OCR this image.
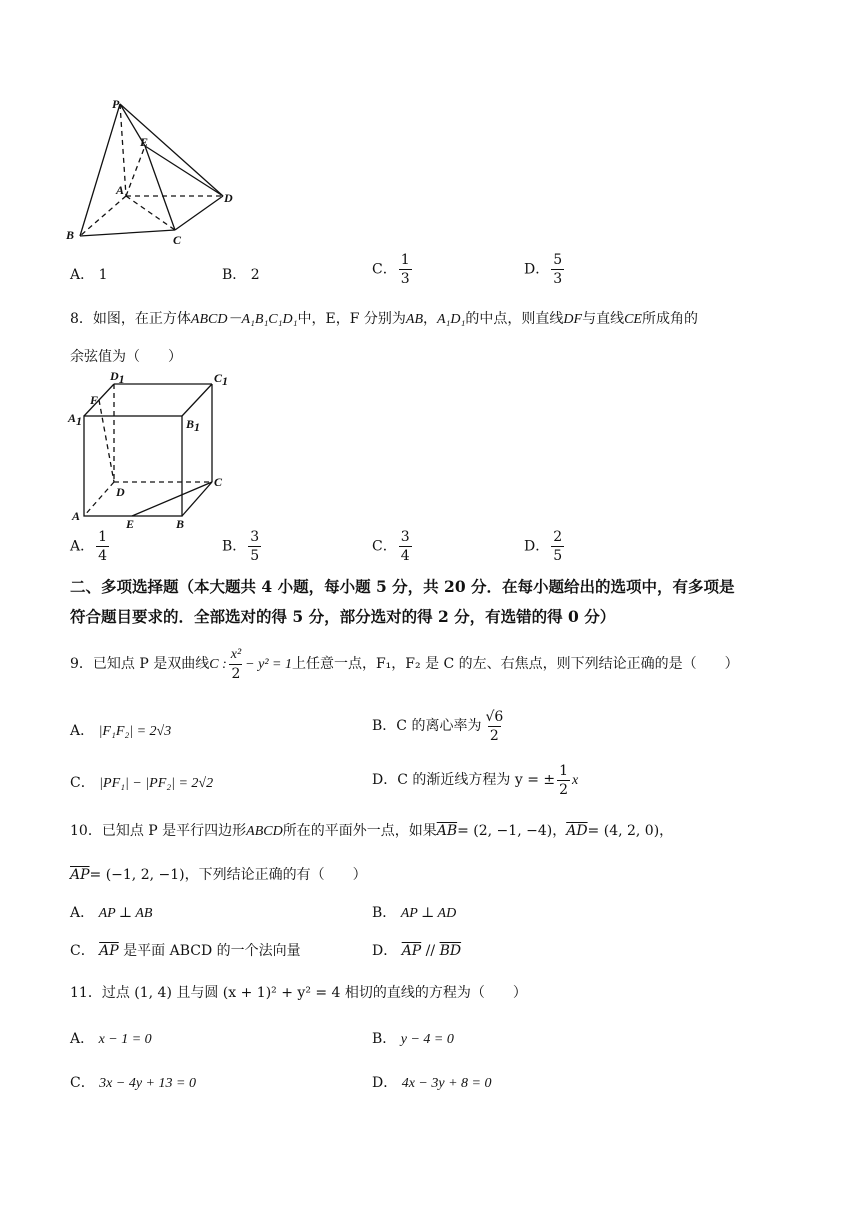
P
E
A
D
B	C
A． 1	B． 2	C． $\frac{1}{3}$	D． $\frac{5}{3}$
8．如图，在正方体ABCD－A₁B₁C₁D₁中，E，F 分别为AB，A₁D₁的中点，则直线DF与直线CE所成角的
余弦值为（　　）
D1	C1
F
A1	B1
D
C
A
E	B
A． $\frac{1}{4}$	B． $\frac{3}{5}$	C． $\frac{3}{4}$	D． $\frac{2}{5}$
二、多项选择题（本大题共 4 小题，每小题 5 分，共 20 分．在每小题给出的选项中，有多项是
符合题目要求的．全部选对的得 5 分，部分选对的得 2 分，有选错的得 0 分）
9．已知点 P 是双曲线C : $\frac{\text{x²}}{2} - y^2 = 1$上任意一点，F₁，F₂ 是 C 的左、右焦点，则下列结论正确的是（　　）
A． |F₁F₂| = 2√3	B．C 的离心率为 $\frac{√6}{2}$
C． |PF₁| − |PF₂| = 2√2	D．C 的渐近线方程为 y = ± $\frac{1}{2}$ x
10．已知点 P 是平行四边形ABCD所在的平面外一点，如果$\overline{AB}= (2$, −1, −4)，$\overline{AD}= (4$, 2, 0)，
$\overline{AP}= (-1$, 2, −1)，下列结论正确的有（　　）
A． AP ⊥ AB	B． AP ⊥ AD
C． $\overline{AP}$ 是平面 ABCD 的一个法向量	D． $\overline{AP} // \overline{BD}$
11．过点 (1, 4) 且与圆 (x + 1)² + y² = 4 相切的直线的方程为（　　）
A． x − 1 = 0	B． y − 4 = 0
C． 3x − 4y + 13 = 0	D． 4x − 3y + 8 = 0
